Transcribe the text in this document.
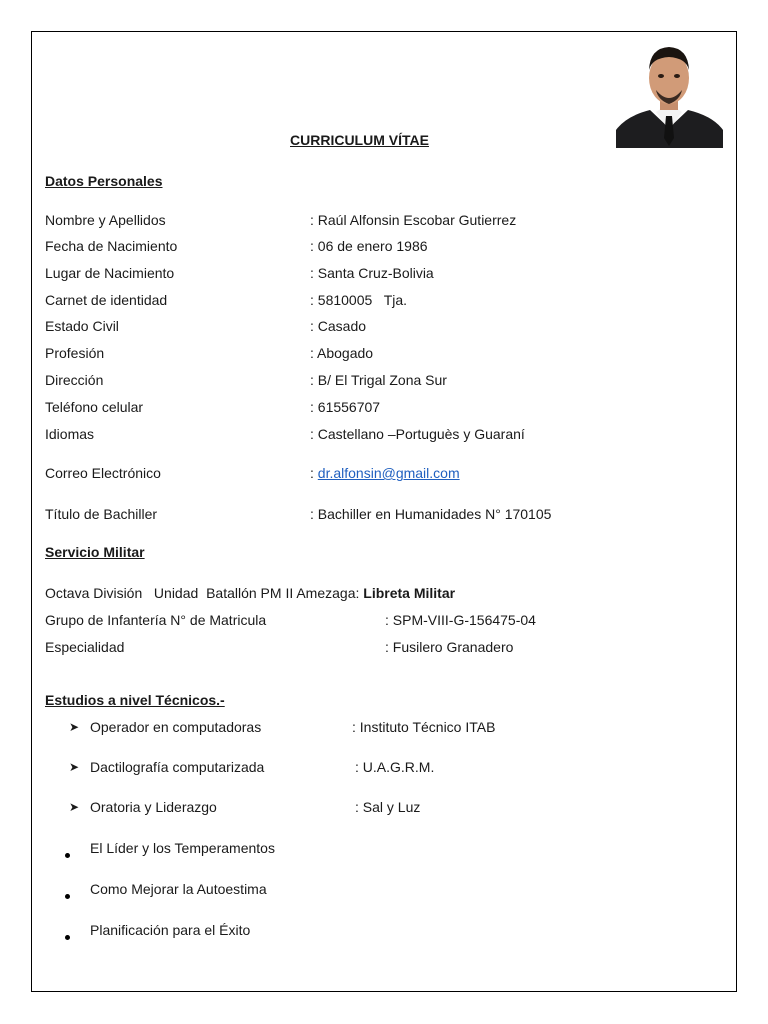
CURRICULUM VÍTAE
Datos Personales
Nombre y Apellidos	: Raúl Alfonsin Escobar Gutierrez
Fecha de Nacimiento	: 06 de enero 1986
Lugar de Nacimiento	: Santa Cruz-Bolivia
Carnet de identidad	: 5810005   Tja.
Estado Civil	: Casado
Profesión	: Abogado
Dirección	: B/ El Trigal Zona Sur
Teléfono celular	: 61556707
Idiomas	: Castellano –Portuguès y Guaraní
Correo Electrónico	: dr.alfonsin@gmail.com
Título de Bachiller	: Bachiller en Humanidades N° 170105
Servicio Militar
Octava División   Unidad  Batallón PM II Amezaga: Libreta Militar
Grupo de Infantería N° de Matricula	: SPM-VIII-G-156475-04
Especialidad	: Fusilero Granadero
Estudios a nivel Técnicos.-
➤ Operador en computadoras	: Instituto Técnico ITAB
➤ Dactilografía computarizada	: U.A.G.R.M.
➤ Oratoria y Liderazgo	: Sal y Luz
El Líder y los Temperamentos
Como Mejorar la Autoestima
Planificación para el Éxito
